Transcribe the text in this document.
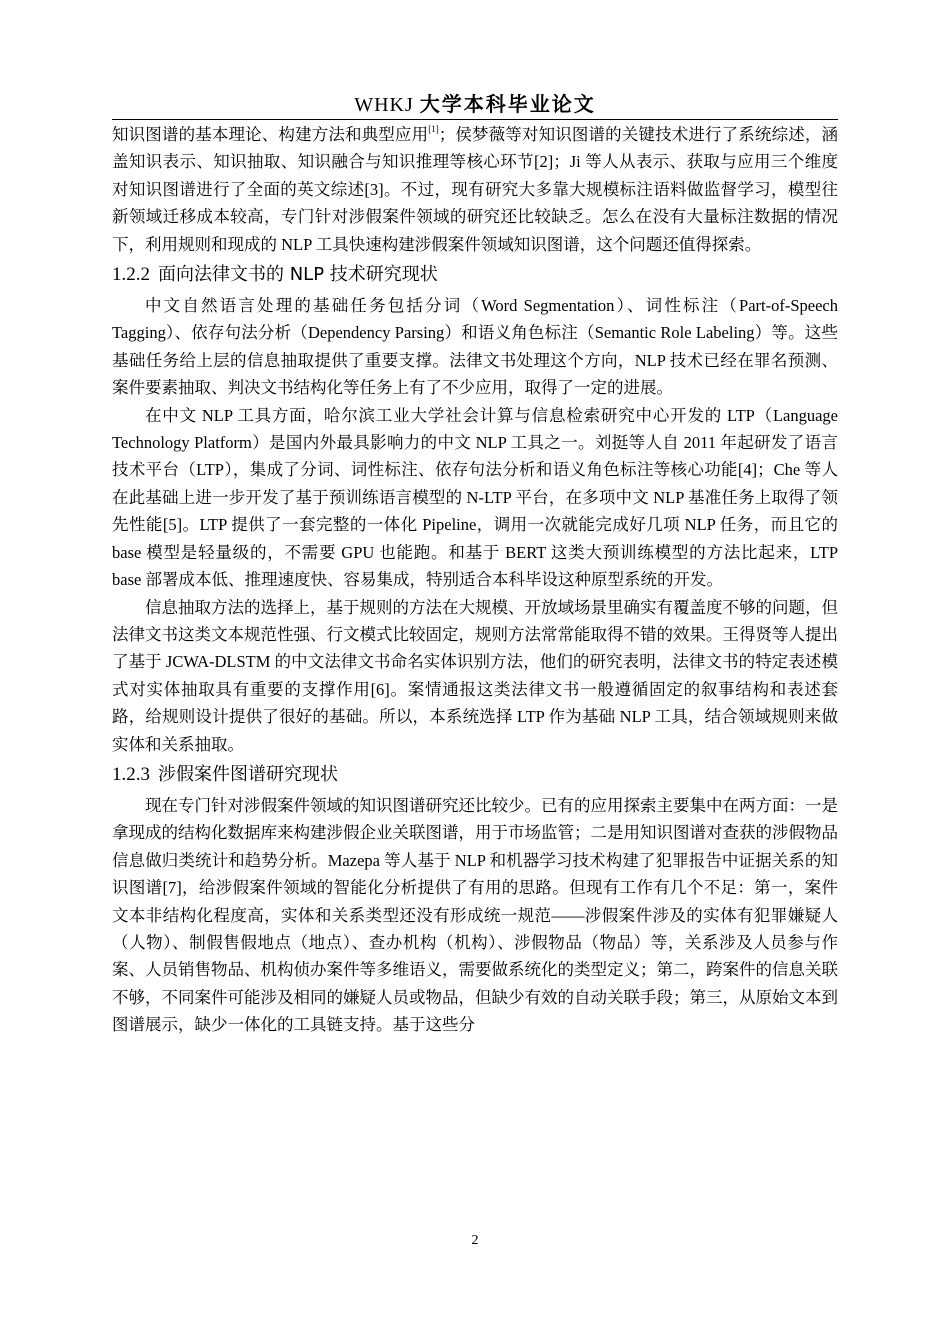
WHKJ 大学本科毕业论文

知识图谱的基本理论、构建方法和典型应用[1]；侯梦薇等对知识图谱的关键技术进行了系统综述，涵盖知识表示、知识抽取、知识融合与知识推理等核心环节[2]；Ji 等人从表示、获取与应用三个维度对知识图谱进行了全面的英文综述[3]。不过，现有研究大多靠大规模标注语料做监督学习，模型往新领域迁移成本较高，专门针对涉假案件领域的研究还比较缺乏。怎么在没有大量标注数据的情况下，利用规则和现成的 NLP 工具快速构建涉假案件领域知识图谱，这个问题还值得探索。

1.2.2 面向法律文书的 NLP 技术研究现状

中文自然语言处理的基础任务包括分词（Word Segmentation）、词性标注（Part-of-Speech Tagging）、依存句法分析（Dependency Parsing）和语义角色标注（Semantic Role Labeling）等。这些基础任务给上层的信息抽取提供了重要支撑。法律文书处理这个方向，NLP 技术已经在罪名预测、案件要素抽取、判决文书结构化等任务上有了不少应用，取得了一定的进展。

在中文 NLP 工具方面，哈尔滨工业大学社会计算与信息检索研究中心开发的 LTP（Language Technology Platform）是国内外最具影响力的中文 NLP 工具之一。刘挺等人自 2011 年起研发了语言技术平台（LTP），集成了分词、词性标注、依存句法分析和语义角色标注等核心功能[4]；Che 等人在此基础上进一步开发了基于预训练语言模型的 N-LTP 平台，在多项中文 NLP 基准任务上取得了领先性能[5]。LTP 提供了一套完整的一体化 Pipeline，调用一次就能完成好几项 NLP 任务，而且它的 base 模型是轻量级的，不需要 GPU 也能跑。和基于 BERT 这类大预训练模型的方法比起来，LTP base 部署成本低、推理速度快、容易集成，特别适合本科毕设这种原型系统的开发。

信息抽取方法的选择上，基于规则的方法在大规模、开放域场景里确实有覆盖度不够的问题，但法律文书这类文本规范性强、行文模式比较固定，规则方法常常能取得不错的效果。王得贤等人提出了基于 JCWA-DLSTM 的中文法律文书命名实体识别方法，他们的研究表明，法律文书的特定表述模式对实体抽取具有重要的支撑作用[6]。案情通报这类法律文书一般遵循固定的叙事结构和表述套路，给规则设计提供了很好的基础。所以，本系统选择 LTP 作为基础 NLP 工具，结合领域规则来做实体和关系抽取。

1.2.3 涉假案件图谱研究现状

现在专门针对涉假案件领域的知识图谱研究还比较少。已有的应用探索主要集中在两方面：一是拿现成的结构化数据库来构建涉假企业关联图谱，用于市场监管；二是用知识图谱对查获的涉假物品信息做归类统计和趋势分析。Mazepa 等人基于 NLP 和机器学习技术构建了犯罪报告中证据关系的知识图谱[7]，给涉假案件领域的智能化分析提供了有用的思路。但现有工作有几个不足：第一，案件文本非结构化程度高，实体和关系类型还没有形成统一规范——涉假案件涉及的实体有犯罪嫌疑人（人物）、制假售假地点（地点）、查办机构（机构）、涉假物品（物品）等，关系涉及人员参与作案、人员销售物品、机构侦办案件等多维语义，需要做系统化的类型定义；第二，跨案件的信息关联不够，不同案件可能涉及相同的嫌疑人员或物品，但缺少有效的自动关联手段；第三，从原始文本到图谱展示，缺少一体化的工具链支持。基于这些分

2
